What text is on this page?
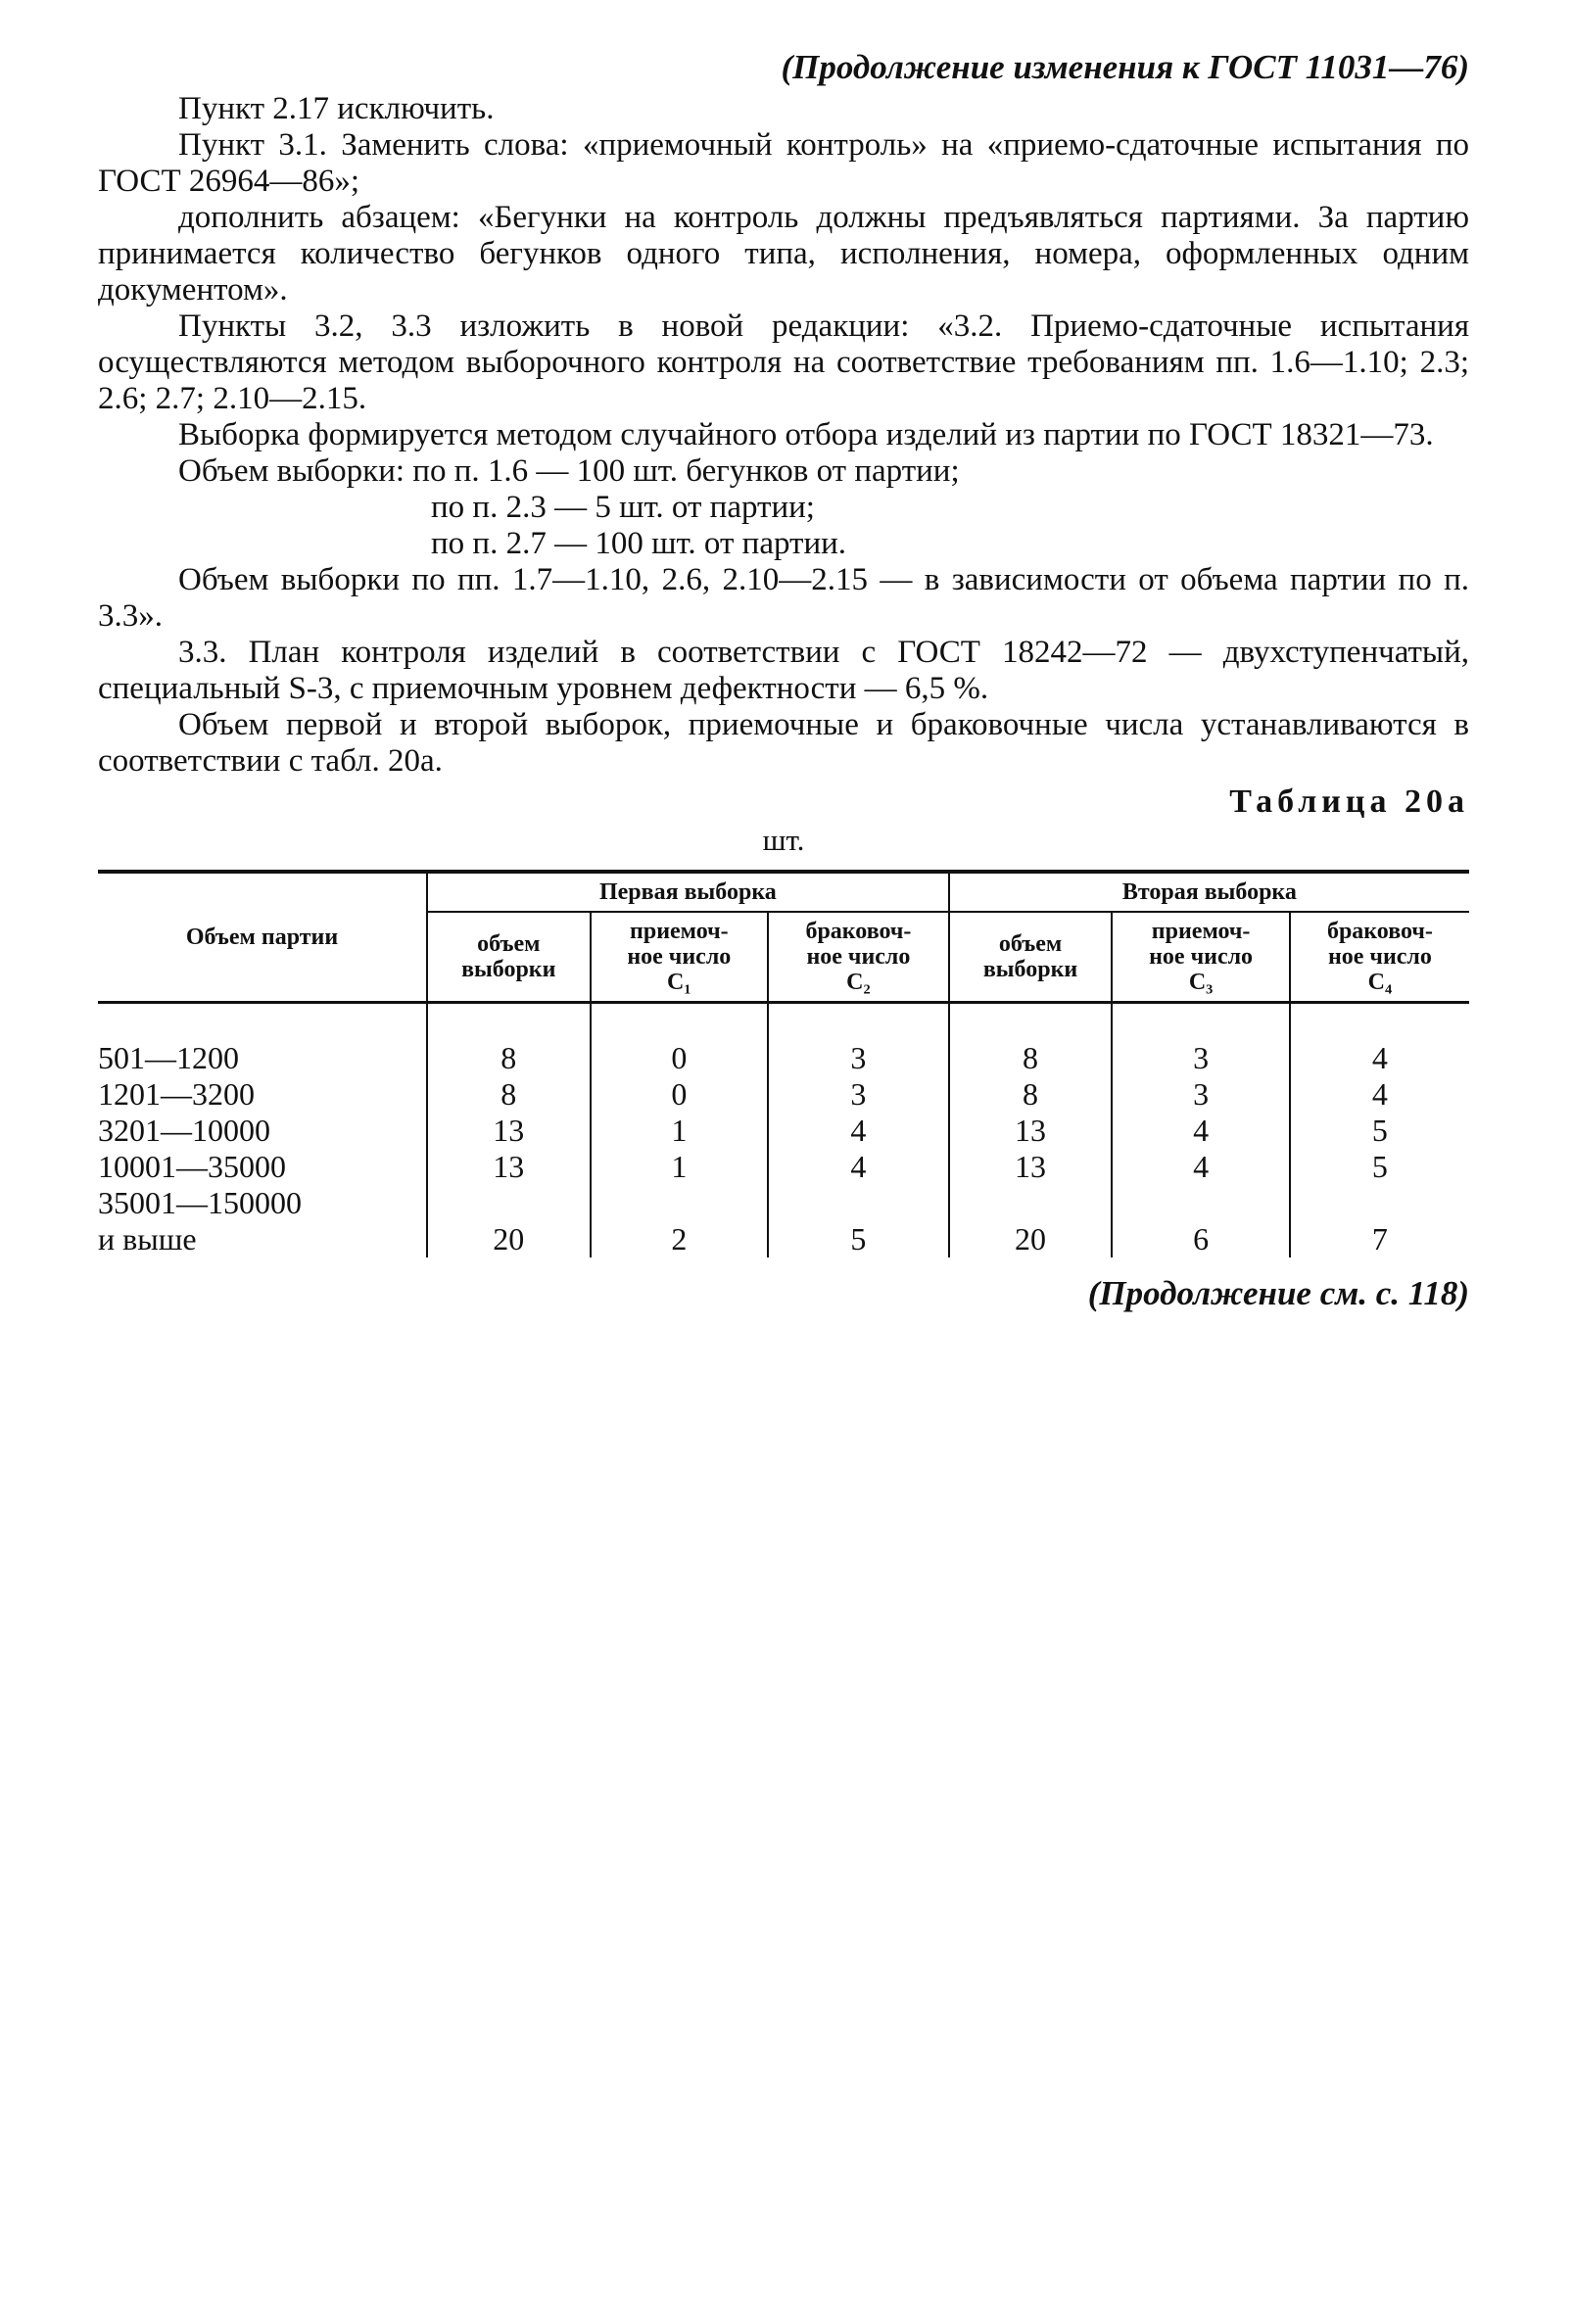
(Продолжение изменения к ГОСТ 11031—76)

Пункт 2.17 исключить.

Пункт 3.1. Заменить слова: «приемочный контроль» на «приемо-сдаточные испытания по ГОСТ 26964—86»;

дополнить абзацем: «Бегунки на контроль должны предъявляться партиями. За партию принимается количество бегунков одного типа, исполнения, номера, оформленных одним документом».

Пункты 3.2, 3.3 изложить в новой редакции: «3.2. Приемо-сдаточные испытания осуществляются методом выборочного контроля на соответствие требованиям пп. 1.6—1.10; 2.3; 2.6; 2.7; 2.10—2.15.

Выборка формируется методом случайного отбора изделий из партии по ГОСТ 18321—73.

Объем выборки: по п. 1.6 — 100 шт. бегунков от партии;

по п. 2.3 — 5 шт. от партии;

по п. 2.7 — 100 шт. от партии.

Объем выборки по пп. 1.7—1.10, 2.6, 2.10—2.15 — в зависимости от объема партии по п. 3.3».

3.3. План контроля изделий в соответствии с ГОСТ 18242—72 — двухступенчатый, специальный S-3, с приемочным уровнем дефектности — 6,5 %.

Объем первой и второй выборок, приемочные и браковочные числа устанавливаются в соответствии с табл. 20а.

Таблица 20а
шт.
Объем партии	Первая выборка			Вторая выборка		
	объем
выборки	приемоч-
ное число
C₁	браковоч-
ное число
C₂	объем
выборки	приемоч-
ное число
C₃	браковоч-
ное число
C₄

501—1200	8	0	3	8	3	4
1201—3200	8	0	3	8	3	4
3201—10000	13	1	4	13	4	5
10001—35000	13	1	4	13	4	5
35001—150000						
и выше	20	2	5	20	6	7
(Продолжение см. с. 118)
